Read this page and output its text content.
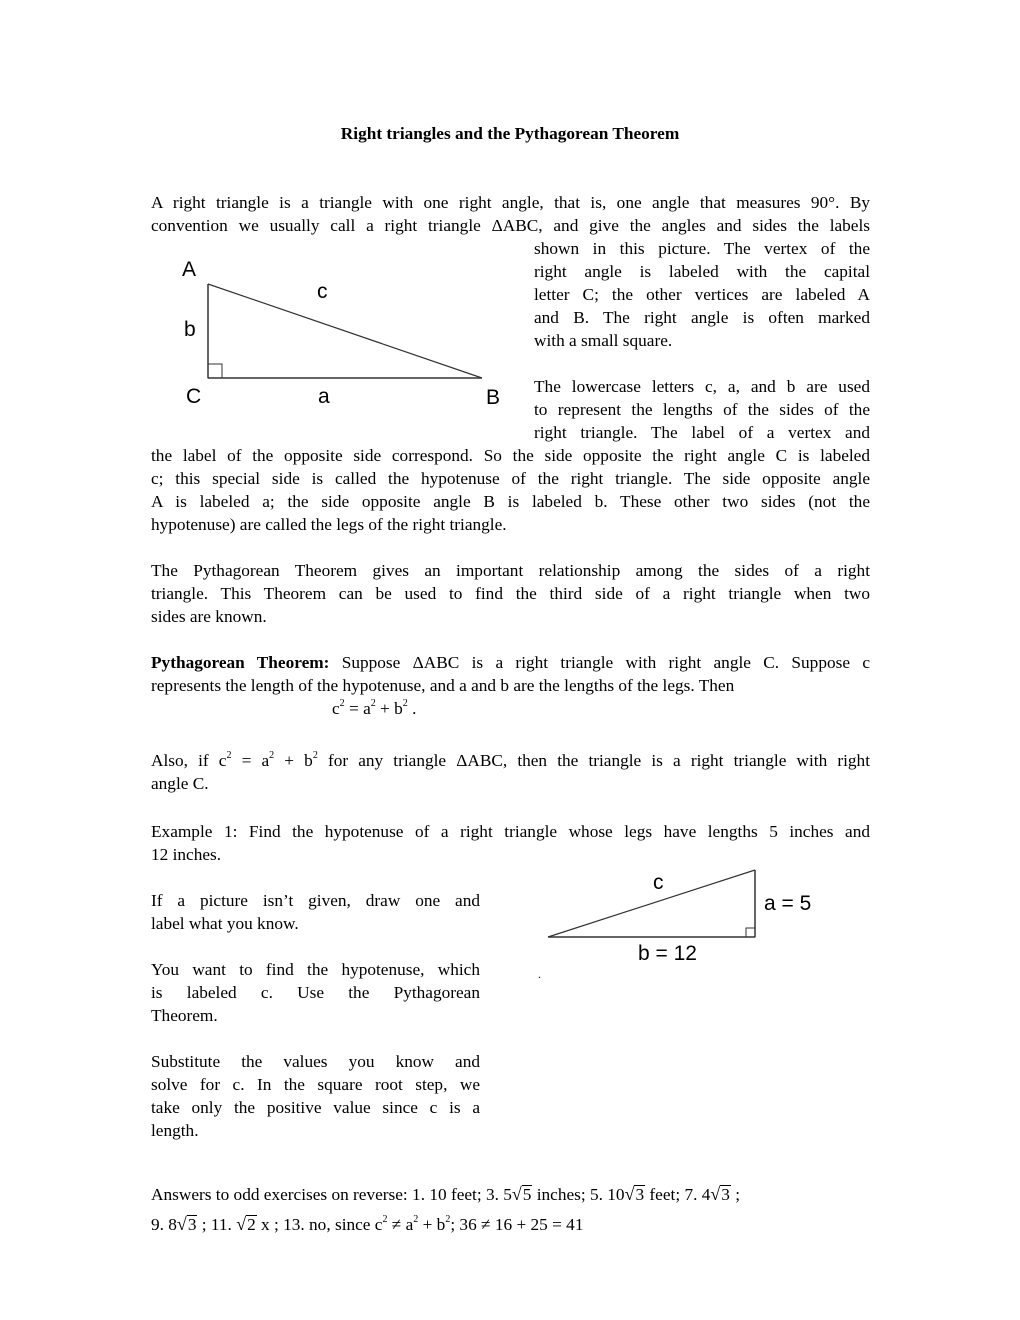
Right triangles and the Pythagorean Theorem
A right triangle is a triangle with one right angle, that is, one angle that measures 90°. By
convention we usually call a right triangle ΔABC, and give the angles and sides the labels
shown in this picture. The vertex of the
right angle is labeled with the capital
letter C; the other vertices are labeled A
and B. The right angle is often marked
with a small square.
The lowercase letters c, a, and b are used
to represent the lengths of the sides of the
right triangle. The label of a vertex and
A
c
b
C	a	B
the label of the opposite side correspond. So the side opposite the right angle C is labeled
c; this special side is called the hypotenuse of the right triangle. The side opposite angle
A is labeled a; the side opposite angle B is labeled b. These other two sides (not the
hypotenuse) are called the legs of the right triangle.
The Pythagorean Theorem gives an important relationship among the sides of a right
triangle. This Theorem can be used to find the third side of a right triangle when two
sides are known.
Pythagorean Theorem: Suppose ΔABC is a right triangle with right angle C. Suppose c
represents the length of the hypotenuse, and a and b are the lengths of the legs. Then
$c^2 = a^2 + b^2$ .
Also, if $c^2 = a^2 + b^2$ for any triangle ΔABC, then the triangle is a right triangle with right
angle C.
Example 1: Find the hypotenuse of a right triangle whose legs have lengths 5 inches and
12 inches.
If a picture isn’t given, draw one and
label what you know.
You want to find the hypotenuse, which
is labeled c. Use the Pythagorean
Theorem.
Substitute the values you know and
solve for c. In the square root step, we
take only the positive value since c is a
length.
c
a = 5
b = 12
.
Answers to odd exercises on reverse: 1. 10 feet; 3. 5√5 inches; 5. 10√3 feet; 7. 4√3 ;
9. 8√3 ; 11. √2 x ; 13. no, since $c^2 \ne a^2 + b^2$; 36 ≠ 16 + 25 = 41
